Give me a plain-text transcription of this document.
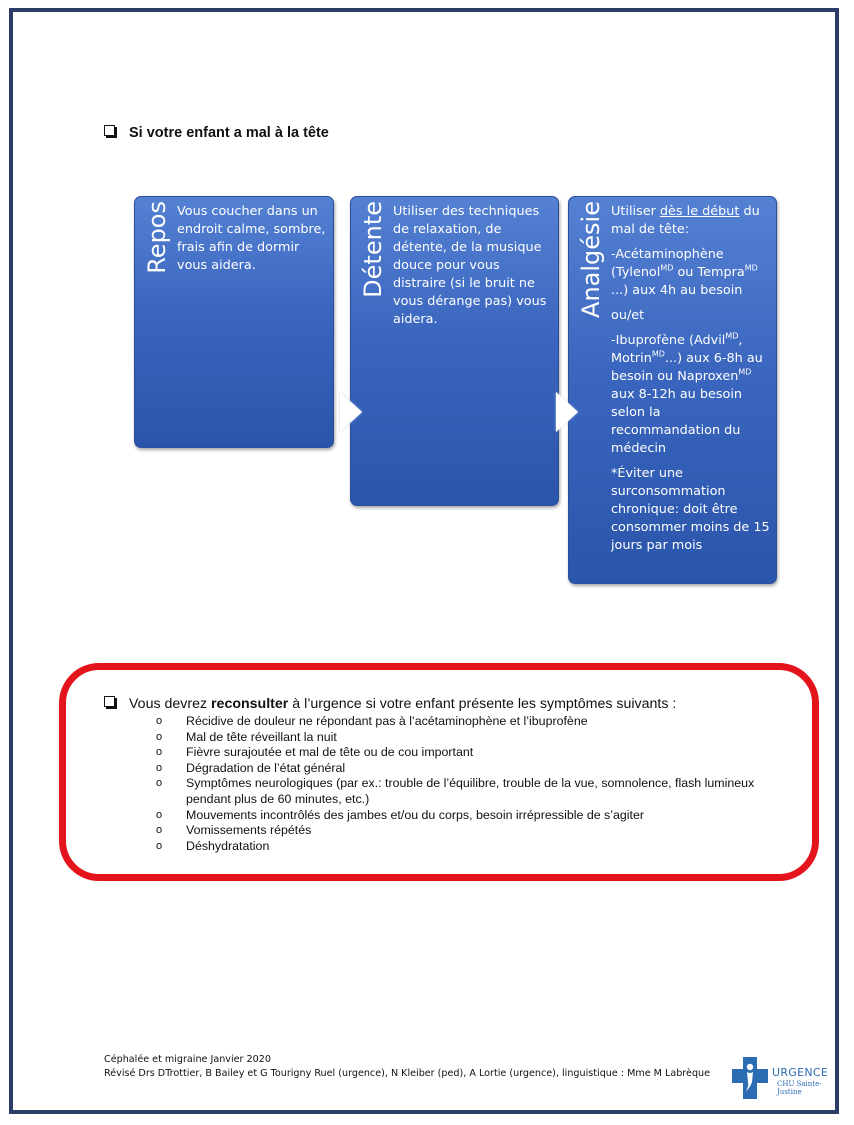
Si votre enfant a mal à la tête
Repos Vous coucher dans un endroit calme, sombre, frais afin de dormir vous aidera.	Détente Utiliser des techniques de relaxation, de détente, de la musique douce pour vous distraire (si le bruit ne vous dérange pas) vous aidera.

Analgésie Utiliser dès le début du mal de tête:

-Acétaminophène (Tylenol$^{MD}$ ou Tempra$^{MD}$ ...) aux 4h au besoin

ou/et

-Ibuprofène (Advil$^{MD}$, Motrin$^{MD}$...) aux 6-8h au besoin ou Naproxen$^{MD}$ aux 8-12h au besoin selon la recommandation du médecin

*Éviter une surconsommation chronique: doit être consommer moins de 15 jours par mois

Vous devrez reconsulter à l’urgence si votre enfant présente les symptômes suivants :
o Récidive de douleur ne répondant pas à l’acétaminophène et l’ibuprofène
o Mal de tête réveillant la nuit
o Fièvre surajoutée et mal de tête ou de cou important
o Dégradation de l’état général
o Symptômes neurologiques (par ex.: trouble de l’équilibre, trouble de la vue, somnolence, flash lumineux pendant plus de 60 minutes, etc.)
o Mouvements incontrôlés des jambes et/ou du corps, besoin irrépressible de s’agiter
o Vomissements répétés
o Déshydratation
Céphalée et migraine Janvier 2020
Révisé Drs DTrottier, B Bailey et G Tourigny Ruel (urgence), N Kleiber (ped), A Lortie (urgence), linguistique : Mme M Labrèque	URGENCE
CHU Sainte-Justine
